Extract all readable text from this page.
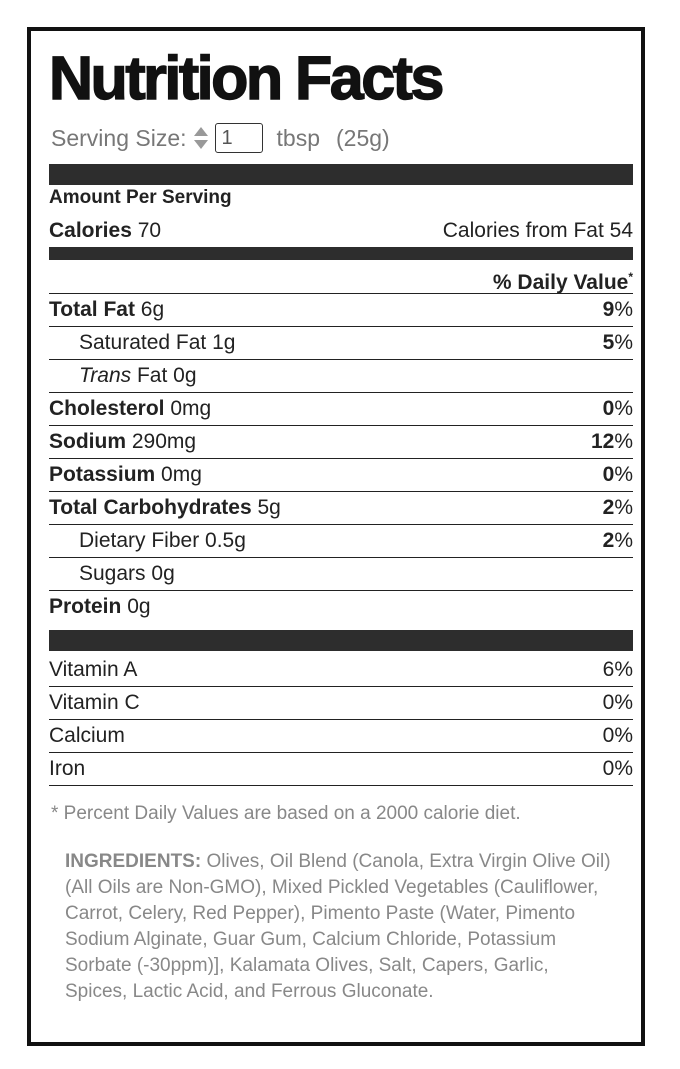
Nutrition Facts
Serving Size:
1	tbsp (25g)
Amount Per Serving
Calories 70	Calories from Fat 54
% Daily Value*
Total Fat 6g	9%
Saturated Fat 1g	5%
Trans Fat 0g
Cholesterol 0mg	0%
Sodium 290mg	12%
Potassium 0mg	0%
Total Carbohydrates 5g	2%
Dietary Fiber 0.5g	2%
Sugars 0g
Protein 0g
Vitamin A	6%
Vitamin C	0%
Calcium	0%
Iron	0%
* Percent Daily Values are based on a 2000 calorie diet.
INGREDIENTS: Olives, Oil Blend (Canola, Extra Virgin Olive Oil) (All Oils are Non-GMO), Mixed Pickled Vegetables (Cauliflower, Carrot, Celery, Red Pepper), Pimento Paste (Water, Pimento Sodium Alginate, Guar Gum, Calcium Chloride, Potassium Sorbate (-30ppm)], Kalamata Olives, Salt, Capers, Garlic, Spices, Lactic Acid, and Ferrous Gluconate.
